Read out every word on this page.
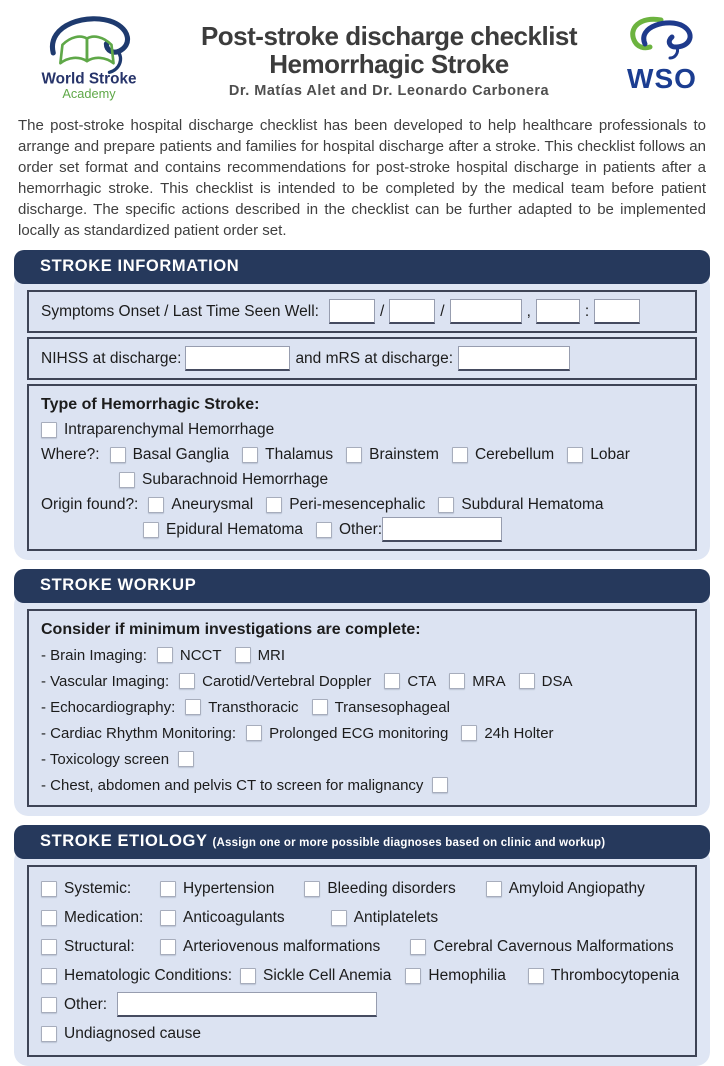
World Stroke
Academy
Post-stroke discharge checklist
Hemorrhagic Stroke
Dr. Matías Alet and Dr. Leonardo Carbonera	WSO

The post-stroke hospital discharge checklist has been developed to help healthcare professionals to arrange and prepare patients and families for hospital discharge after a stroke. This checklist follows an order set format and contains recommendations for post-stroke hospital discharge in patients after a hemorrhagic stroke. This checklist is intended to be completed by the medical team before patient discharge. The specific actions described in the checklist can be further adapted to be implemented locally as standardized patient order set.

STROKE INFORMATION
Symptoms Onset / Last Time Seen Well:	/	/	,	:
NIHSS at discharge:	and mRS at discharge:
Type of Hemorrhagic Stroke:
Intraparenchymal Hemorrhage
Where?: Basal Ganglia Thalamus Brainstem Cerebellum Lobar
Subarachnoid Hemorrhage
Origin found?: Aneurysmal Peri-mesencephalic Subdural Hematoma
Epidural Hematoma Other:
STROKE WORKUP
Consider if minimum investigations are complete:
- Brain Imaging: NCCT MRI
- Vascular Imaging: Carotid/Vertebral Doppler CTA MRA DSA
- Echocardiography: Transthoracic Transesophageal
- Cardiac Rhythm Monitoring: Prolonged ECG monitoring 24h Holter
- Toxicology screen
- Chest, abdomen and pelvis CT to screen for malignancy
STROKE ETIOLOGY (Assign one or more possible diagnoses based on clinic and workup)
Systemic:	Hypertension	Bleeding disorders	Amyloid Angiopathy
Medication:	Anticoagulants	Antiplatelets
Structural:	Arteriovenous malformations	Cerebral Cavernous Malformations
Hematologic Conditions: Sickle Cell Anemia Hemophilia	Thrombocytopenia
Other:
Undiagnosed cause
